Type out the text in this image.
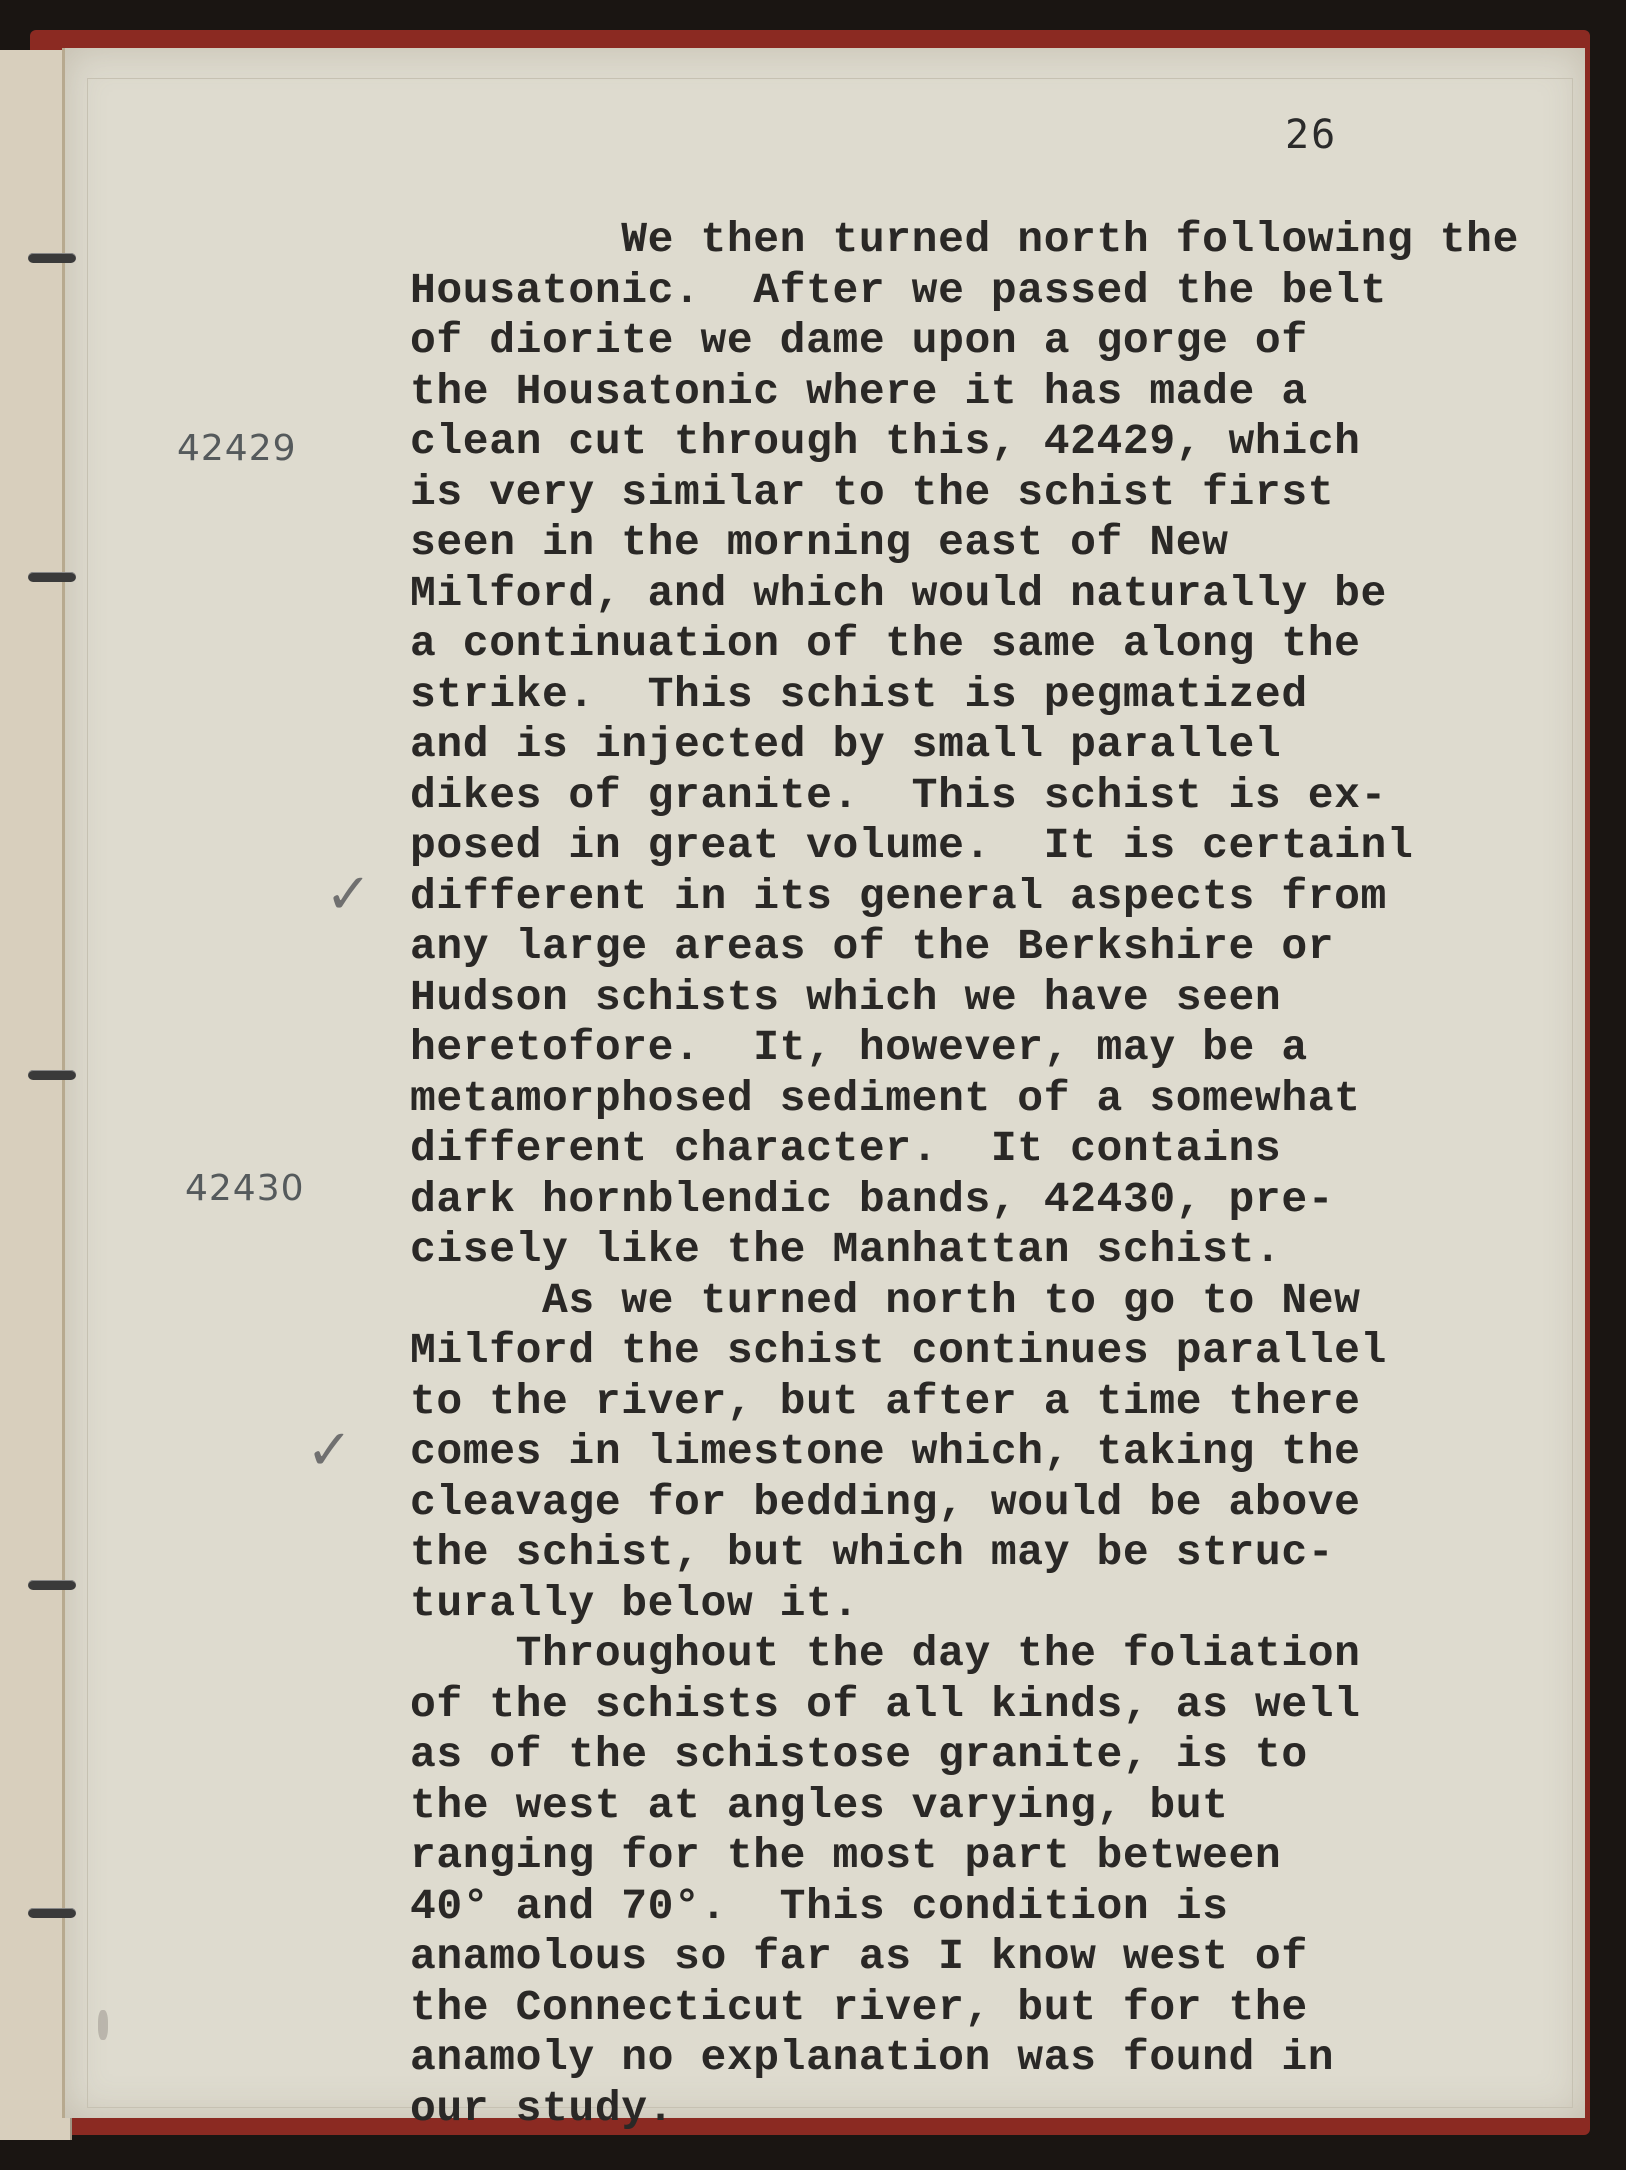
26
42429
42430
✓
✓
We then turned north following the
Housatonic.  After we passed the belt
of diorite we dame upon a gorge of
the Housatonic where it has made a
clean cut through this, 42429, which
is very similar to the schist first
seen in the morning east of New
Milford, and which would naturally be
a continuation of the same along the
strike.  This schist is pegmatized
and is injected by small parallel
dikes of granite.  This schist is ex-
posed in great volume.  It is certainl
different in its general aspects from
any large areas of the Berkshire or
Hudson schists which we have seen
heretofore.  It, however, may be a
metamorphosed sediment of a somewhat
different character.  It contains
dark hornblendic bands, 42430, pre-
cisely like the Manhattan schist.
As we turned north to go to New
Milford the schist continues parallel
to the river, but after a time there
comes in limestone which, taking the
cleavage for bedding, would be above
the schist, but which may be struc-
turally below it.
Throughout the day the foliation
of the schists of all kinds, as well
as of the schistose granite, is to
the west at angles varying, but
ranging for the most part between
40° and 70°.  This condition is
anamolous so far as I know west of
the Connecticut river, but for the
anamoly no explanation was found in
our study.
